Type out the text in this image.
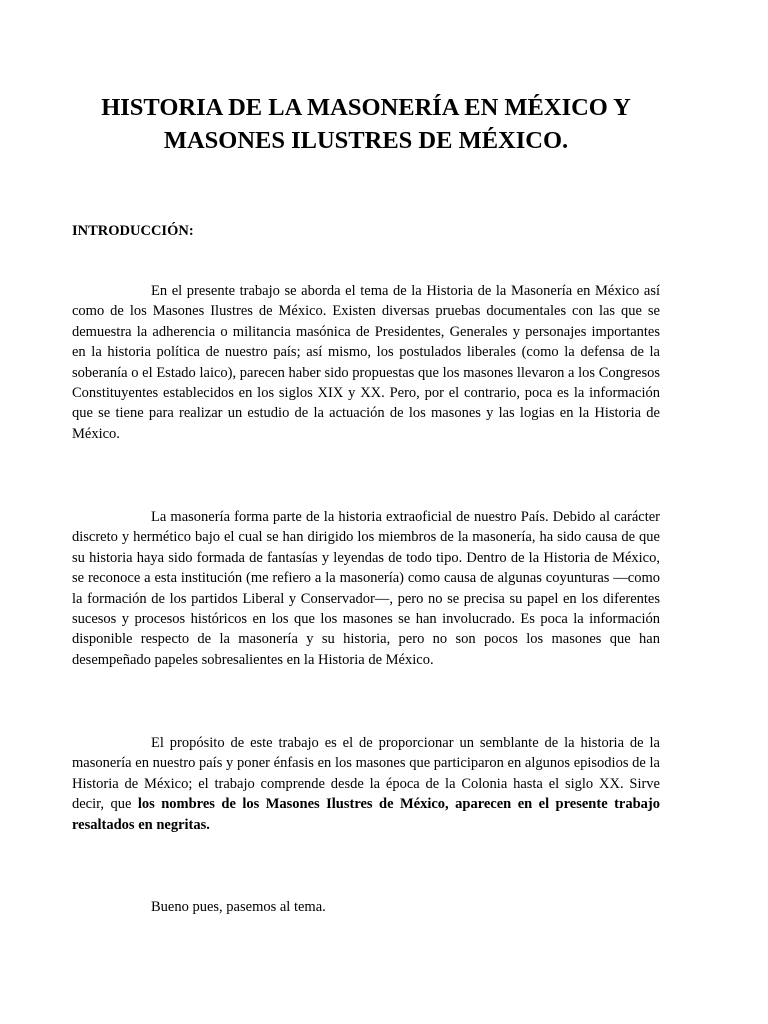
HISTORIA DE LA MASONERÍA EN MÉXICO Y
MASONES ILUSTRES DE MÉXICO.
INTRODUCCIÓN:

En el presente trabajo se aborda el tema de la Historia de la Masonería en México así como de los Masones Ilustres de México. Existen diversas pruebas documentales con las que se demuestra la adherencia o militancia masónica de Presidentes, Generales y personajes importantes en la historia política de nuestro país; así mismo, los postulados liberales (como la defensa de la soberanía o el Estado laico), parecen haber sido propuestas que los masones llevaron a los Congresos Constituyentes establecidos en los siglos XIX y XX. Pero, por el contrario, poca es la información que se tiene para realizar un estudio de la actuación de los masones y las logias en la Historia de México.

La masonería forma parte de la historia extraoficial de nuestro País. Debido al carácter discreto y hermético bajo el cual se han dirigido los miembros de la masonería, ha sido causa de que su historia haya sido formada de fantasías y leyendas de todo tipo. Dentro de la Historia de México, se reconoce a esta institución (me refiero a la masonería) como causa de algunas coyunturas —como la formación de los partidos Liberal y Conservador—, pero no se precisa su papel en los diferentes sucesos y procesos históricos en los que los masones se han involucrado. Es poca la información disponible respecto de la masonería y su historia, pero no son pocos los masones que han desempeñado papeles sobresalientes en la Historia de México.

El propósito de este trabajo es el de proporcionar un semblante de la historia de la masonería en nuestro país y poner énfasis en los masones que participaron en algunos episodios de la Historia de México; el trabajo comprende desde la época de la Colonia hasta el siglo XX. Sirve decir, que los nombres de los Masones Ilustres de México, aparecen en el presente trabajo resaltados en negritas.

Bueno pues, pasemos al tema.
